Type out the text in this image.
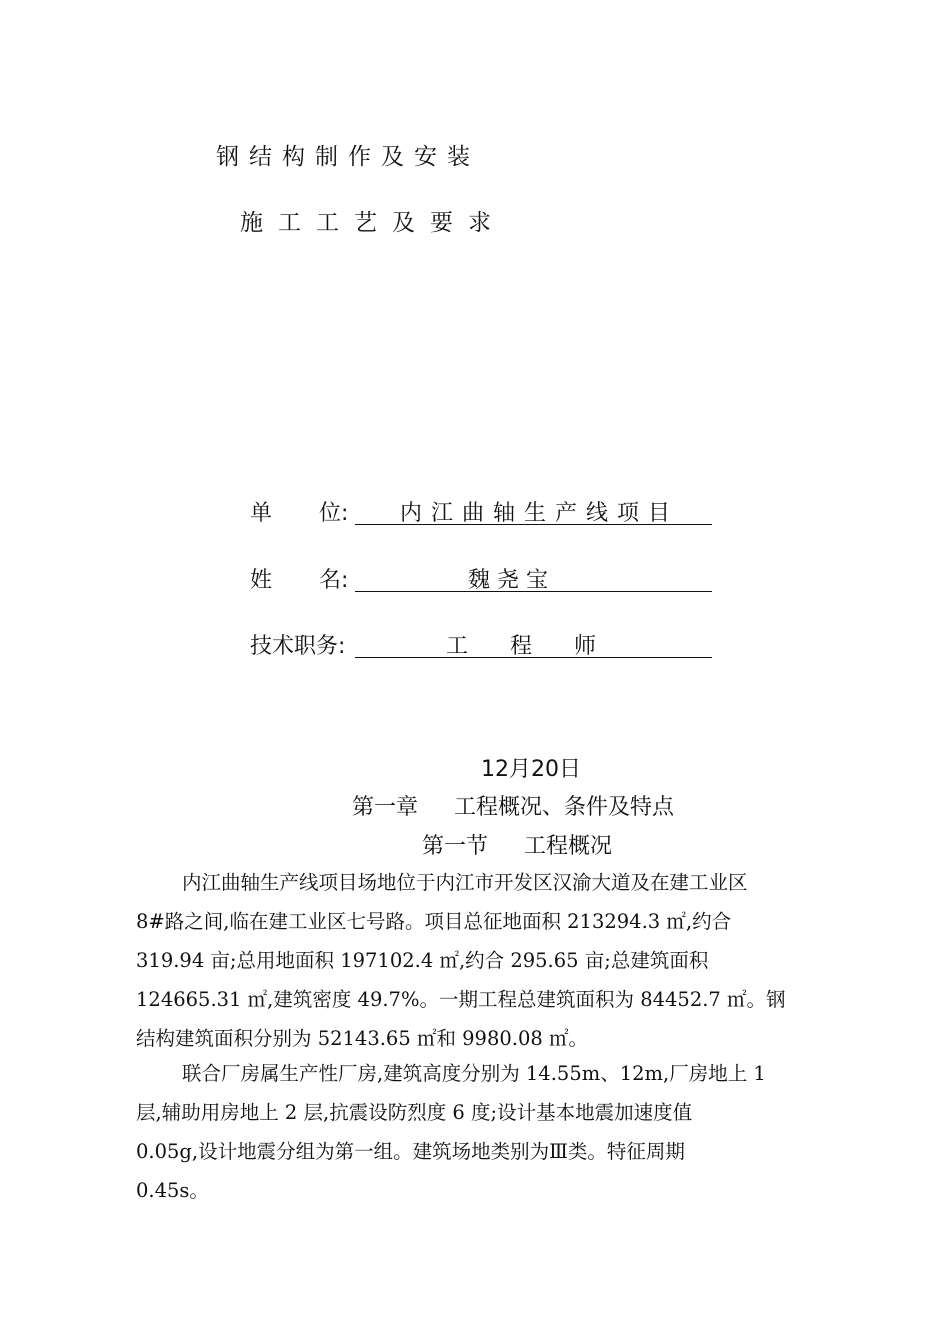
钢结构制作及安装
施工工艺及要求
单 位: 内江曲轴生产线项目
姓 名:	魏尧宝
技术职务:	工程师
12月20日
第一章 工程概况、条件及特点
第一节 工程概况
内江曲轴生产线项目场地位于内江市开发区汉渝大道及在建工业区
8#路之间,临在建工业区七号路。项目总征地面积 213294.3 ㎡,约合
319.94 亩;总用地面积 197102.4 ㎡,约合 295.65 亩;总建筑面积
124665.31 ㎡,建筑密度 49.7%。一期工程总建筑面积为 84452.7 ㎡。钢
结构建筑面积分别为 52143.65 ㎡和 9980.08 ㎡。
联合厂房属生产性厂房,建筑高度分别为 14.55m、12m,厂房地上 1
层,辅助用房地上 2 层,抗震设防烈度 6 度;设计基本地震加速度值
0.05g,设计地震分组为第一组。建筑场地类别为Ⅲ类。特征周期
0.45s。
